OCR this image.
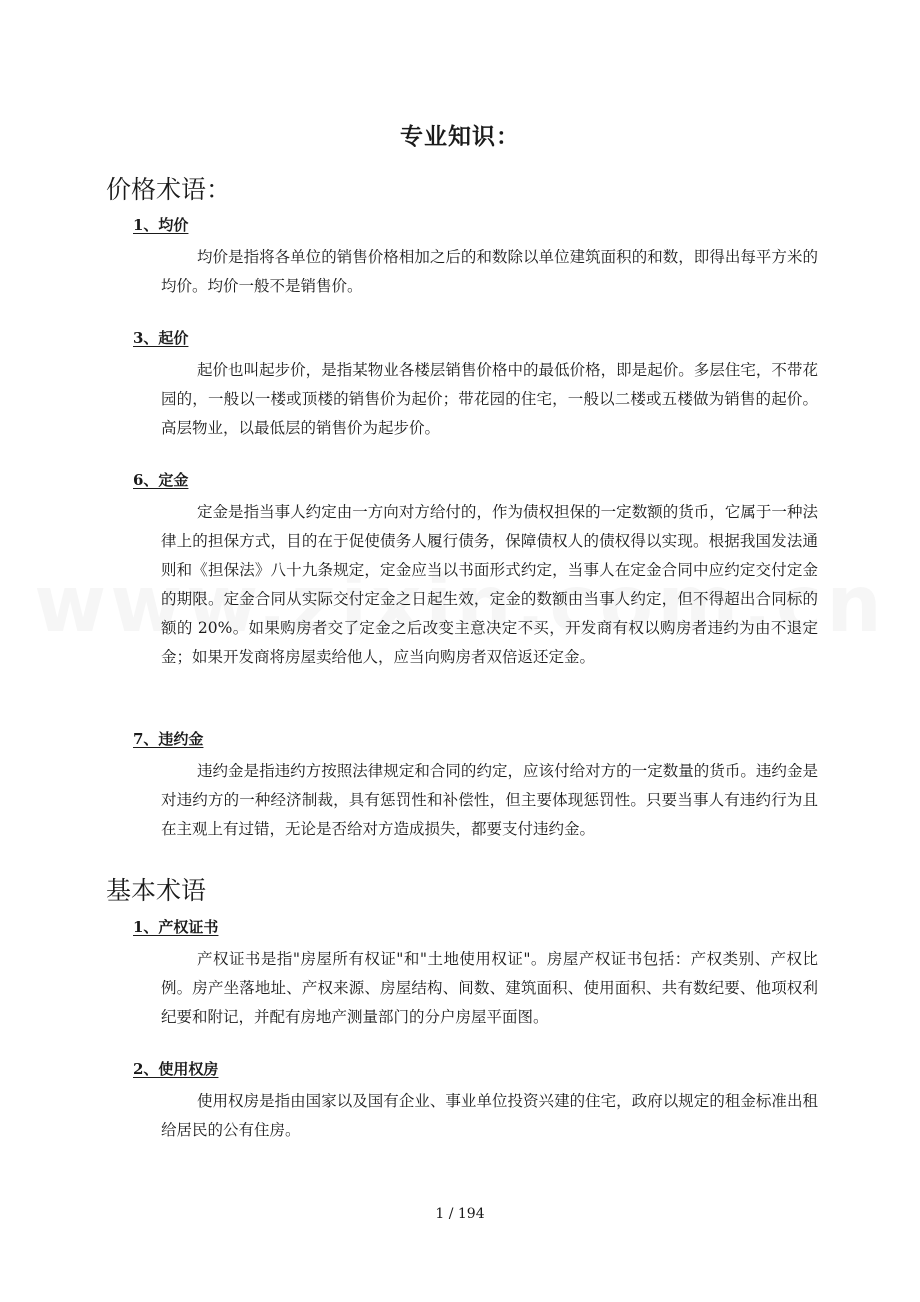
专业知识：
价格术语：
1、均价

均价是指将各单位的销售价格相加之后的和数除以单位建筑面积的和数，即得出每平方米的均价。均价一般不是销售价。

3、起价

起价也叫起步价，是指某物业各楼层销售价格中的最低价格，即是起价。多层住宅，不带花园的，一般以一楼或顶楼的销售价为起价；带花园的住宅，一般以二楼或五楼做为销售的起价。高层物业，以最低层的销售价为起步价。

6、定金

定金是指当事人约定由一方向对方给付的，作为债权担保的一定数额的货币，它属于一种法律上的担保方式，目的在于促使债务人履行债务，保障债权人的债权得以实现。根据我国发法通则和《担保法》八十九条规定，定金应当以书面形式约定，当事人在定金合同中应约定交付定金的期限。定金合同从实际交付定金之日起生效，定金的数额由当事人约定，但不得超出合同标的额的 20%。如果购房者交了定金之后改变主意决定不买，开发商有权以购房者违约为由不退定金；如果开发商将房屋卖给他人，应当向购房者双倍返还定金。

7、违约金

违约金是指违约方按照法律规定和合同的约定，应该付给对方的一定数量的货币。违约金是对违约方的一种经济制裁，具有惩罚性和补偿性，但主要体现惩罚性。只要当事人有违约行为且在主观上有过错，无论是否给对方造成损失，都要支付违约金。

基本术语
1、产权证书

产权证书是指"房屋所有权证"和"土地使用权证"。房屋产权证书包括：产权类别、产权比例。房产坐落地址、产权来源、房屋结构、间数、建筑面积、使用面积、共有数纪要、他项权利纪要和附记，并配有房地产测量部门的分户房屋平面图。

2、使用权房

使用权房是指由国家以及国有企业、事业单位投资兴建的住宅，政府以规定的租金标准出租给居民的公有住房。

1 / 194
